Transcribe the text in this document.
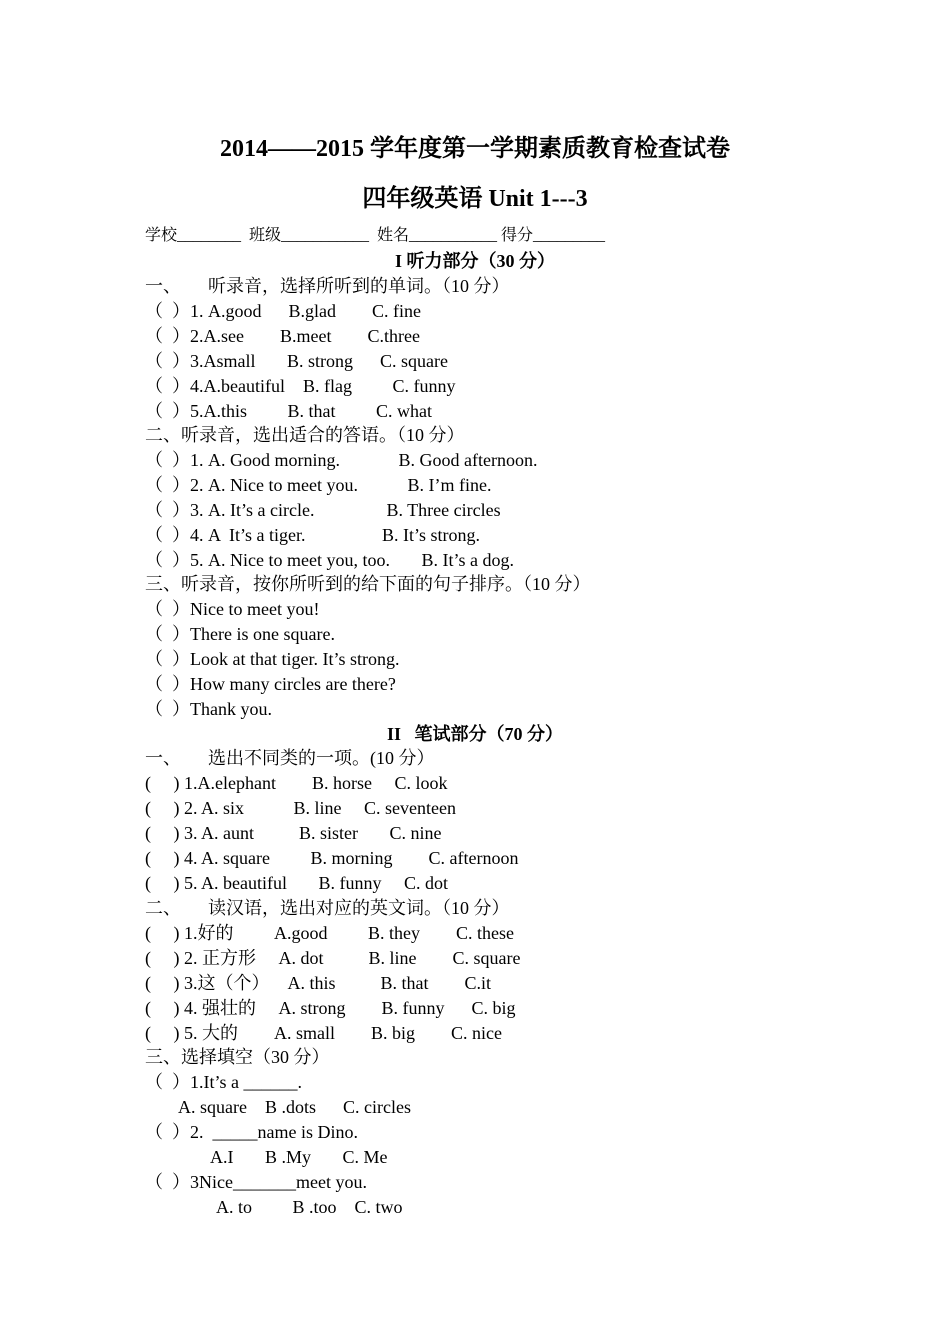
2014——2015 学年度第一学期素质教育检查试卷
四年级英语 Unit 1---3
学校________  班级___________  姓名___________ 得分_________
I 听力部分（30 分）
一、      听录音，选择所听到的单词。（10 分）
（  ）1. A.good      B.glad        C. fine
（  ）2.A.see        B.meet        C.three
（  ）3.Asmall       B. strong      C. square
（  ）4.A.beautiful    B. flag         C. funny
（  ）5.A.this         B. that         C. what
二、听录音，选出适合的答语。（10 分）
（  ）1. A. Good morning.             B. Good afternoon.
（  ）2. A. Nice to meet you.           B. I’m fine.
（  ）3. A. It’s a circle.                B. Three circles
（  ）4. A  It’s a tiger.                 B. It’s strong.
（  ）5. A. Nice to meet you, too.       B. It’s a dog.
三、听录音，按你所听到的给下面的句子排序。（10 分）
（  ）Nice to meet you!
（  ）There is one square.
（  ）Look at that tiger. It’s strong.
（  ）How many circles are there?
（  ）Thank you.
II   笔试部分（70 分）
一、      选出不同类的一项。(10 分）
(     ) 1.A.elephant        B. horse     C. look
(     ) 2. A. six           B. line     C. seventeen
(     ) 3. A. aunt          B. sister       C. nine
(     ) 4. A. square         B. morning        C. afternoon
(     ) 5. A. beautiful       B. funny     C. dot
二、      读汉语，选出对应的英文词。（10 分）
(     ) 1.好的         A.good         B. they        C. these
(     ) 2. 正方形     A. dot          B. line        C. square
(     ) 3.这（个）    A. this          B. that        C.it
(     ) 4. 强壮的     A. strong        B. funny      C. big
(     ) 5. 大的        A. small        B. big        C. nice
三、选择填空（30 分）
（  ）1.It’s a ______.
A. square    B .dots      C. circles
（  ）2.  _____name is Dino.
A.I       B .My       C. Me
（  ）3Nice_______meet you.
A. to         B .too    C. two
